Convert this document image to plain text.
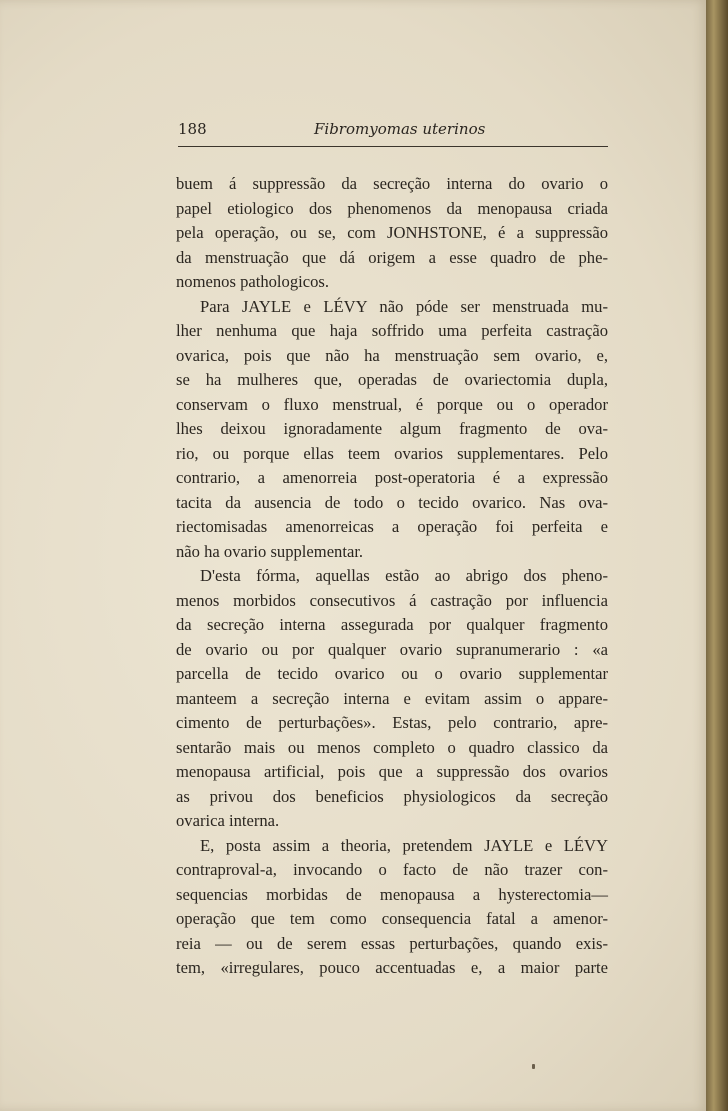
188	Fibromyomas uterinos

buem á suppressão da secreção interna do ovario o
papel etiologico dos phenomenos da menopausa criada
pela operação, ou se, com JONHSTONE, é a suppressão
da menstruação que dá origem a esse quadro de phe-
nomenos pathologicos.

Para JAYLE e LÉVY não póde ser menstruada mu-
lher nenhuma que haja soffrido uma perfeita castração
ovarica, pois que não ha menstruação sem ovario, e,
se ha mulheres que, operadas de ovariectomia dupla,
conservam o fluxo menstrual, é porque ou o operador
lhes deixou ignoradamente algum fragmento de ova-
rio, ou porque ellas teem ovarios supplementares. Pelo
contrario, a amenorreia post-operatoria é a expressão
tacita da ausencia de todo o tecido ovarico. Nas ova-
riectomisadas amenorreicas a operação foi perfeita e
não ha ovario supplementar.

D'esta fórma, aquellas estão ao abrigo dos pheno-
menos morbidos consecutivos á castração por influencia
da secreção interna assegurada por qualquer fragmento
de ovario ou por qualquer ovario supranumerario : «a
parcella de tecido ovarico ou o ovario supplementar
manteem a secreção interna e evitam assim o appare-
cimento de perturbações». Estas, pelo contrario, apre-
sentarão mais ou menos completo o quadro classico da
menopausa artificial, pois que a suppressão dos ovarios
as privou dos beneficios physiologicos da secreção
ovarica interna.

E, posta assim a theoria, pretendem JAYLE e LÉVY
contraproval-a, invocando o facto de não trazer con-
sequencias morbidas de menopausa a hysterectomia—
operação que tem como consequencia fatal a amenor-
reia — ou de serem essas perturbações, quando exis-
tem, «irregulares, pouco accentuadas e, a maior parte
